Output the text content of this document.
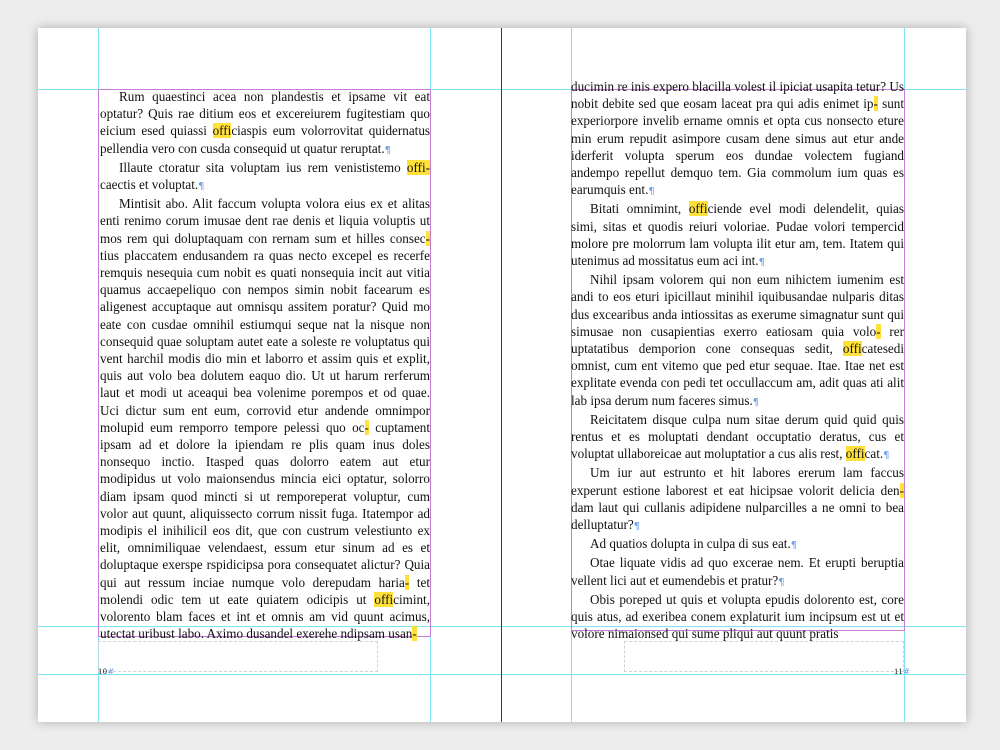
Rum quaestinci acea non plandestis et ipsame vit eat optatur? Quis rae ditium eos et excereiurem fugitestiam quo eicium esed quiassi officiaspis eum volorrovitat quidernatus pellendia vero con cusda consequid ut quatur reruptat.¶

Illaute ctoratur sita voluptam ius rem venististemo offi- caectis et voluptat.¶

Mintisit abo. Alit faccum volupta volora eius ex et alitas enti renimo corum imusae dent rae denis et liquia voluptis ut mos rem qui doluptaquam con rernam sum et hilles consec- tius placcatem endusandem ra quas necto excepel es recerfe remquis nesequia cum nobit es quati nonsequia incit aut vitia quamus accaepeliquo con nempos simin nobit facearum es aligenest accuptaque aut omnisqu assitem poratur? Quid mo eate con cusdae omnihil estiumqui seque nat la nisque non consequid quae soluptam autet eate a soleste re voluptatus qui vent harchil modis dio min et laborro et assim quis et explit, quis aut volo bea dolutem eaquo dio. Ut ut harum rerferum laut et modi ut aceaqui bea volenime porempos et od quae. Uci dictur sum ent eum, corrovid etur andende omnimpor molupid eum remporro tempore pelessi quo oc- cuptament ipsam ad et dolore la ipiendam re plis quam inus doles nonsequo inctio. Itasped quas dolorro eatem aut etur modipidus ut volo maionsendus mincia eici optatur, solorro diam ipsam quod mincti si ut remporeperat voluptur, cum volor aut quunt, aliquissecto corrum nissit fuga. Itatempor ad modipis el inihilicil eos dit, que con custrum velestiunto ex elit, omnimiliquae velendaest, essum etur sinum ad es et doluptaque exerspe rspidicipsa pora consequatet alictur? Quia qui aut ressum inciae numque volo derepudam haria- tet molendi odic tem ut eate quiatem odicipis ut officimint, volorento blam faces et int et omnis am vid quunt acimus, utectat uribust labo. Aximo dusandel exerehe ndipsam usan-

10#

ducimin re inis expero blacilla volest il ipiciat usapita tetur? Us nobit debite sed que eosam laceat pra qui adis enimet ip- sunt experiorpore invelib ername omnis et opta cus nonsecto eture min erum repudit asimpore cusam dene simus aut etur ande iderferit volupta sperum eos dundae volectem fugiand andempo repellut demquo tem. Gia commolum ium quas es earumquis ent.¶

Bitati omnimint, officiende evel modi delendelit, quias simi, sitas et quodis reiuri voloriae. Pudae volori tempercid molore pre molorrum lam volupta ilit etur am, tem. Itatem qui utenimus ad mossitatus eum aci int.¶

Nihil ipsam volorem qui non eum nihictem iumenim est andi to eos eturi ipicillaut minihil iquibusandae nulparis ditas dus excearibus anda intiossitas as exerume simagnatur sunt qui simusae non cusapientias exerro eatiosam quia volo- rer uptatatibus demporion cone consequas sedit, officatesedi omnist, cum ent vitemo que ped etur sequae. Itae. Itae net est explitate evenda con pedi tet occullaccum am, adit quas ati alit lab ipsa derum num faceres simus.¶

Reicitatem disque culpa num sitae derum quid quid quis rentus et es moluptati dendant occuptatio deratus, cus et voluptat ullaboreicae aut moluptatior a cus alis rest, officat.¶

Um iur aut estrunto et hit labores ererum lam faccus experunt estione laborest et eat hicipsae volorit delicia den- dam laut qui cullanis adipidene nulparcilles a ne omni to bea delluptatur?¶

Ad quatios dolupta in culpa di sus eat.¶

Otae liquate vidis ad quo excerae nem. Et erupti beruptia vellent lici aut et eumendebis et pratur?¶

Obis poreped ut quis et volupta epudis dolorento est, core quis atus, ad exeribea conem explaturit ium incipsum est ut et volore nimaionsed qui sume pliqui aut quunt pratis

11#
